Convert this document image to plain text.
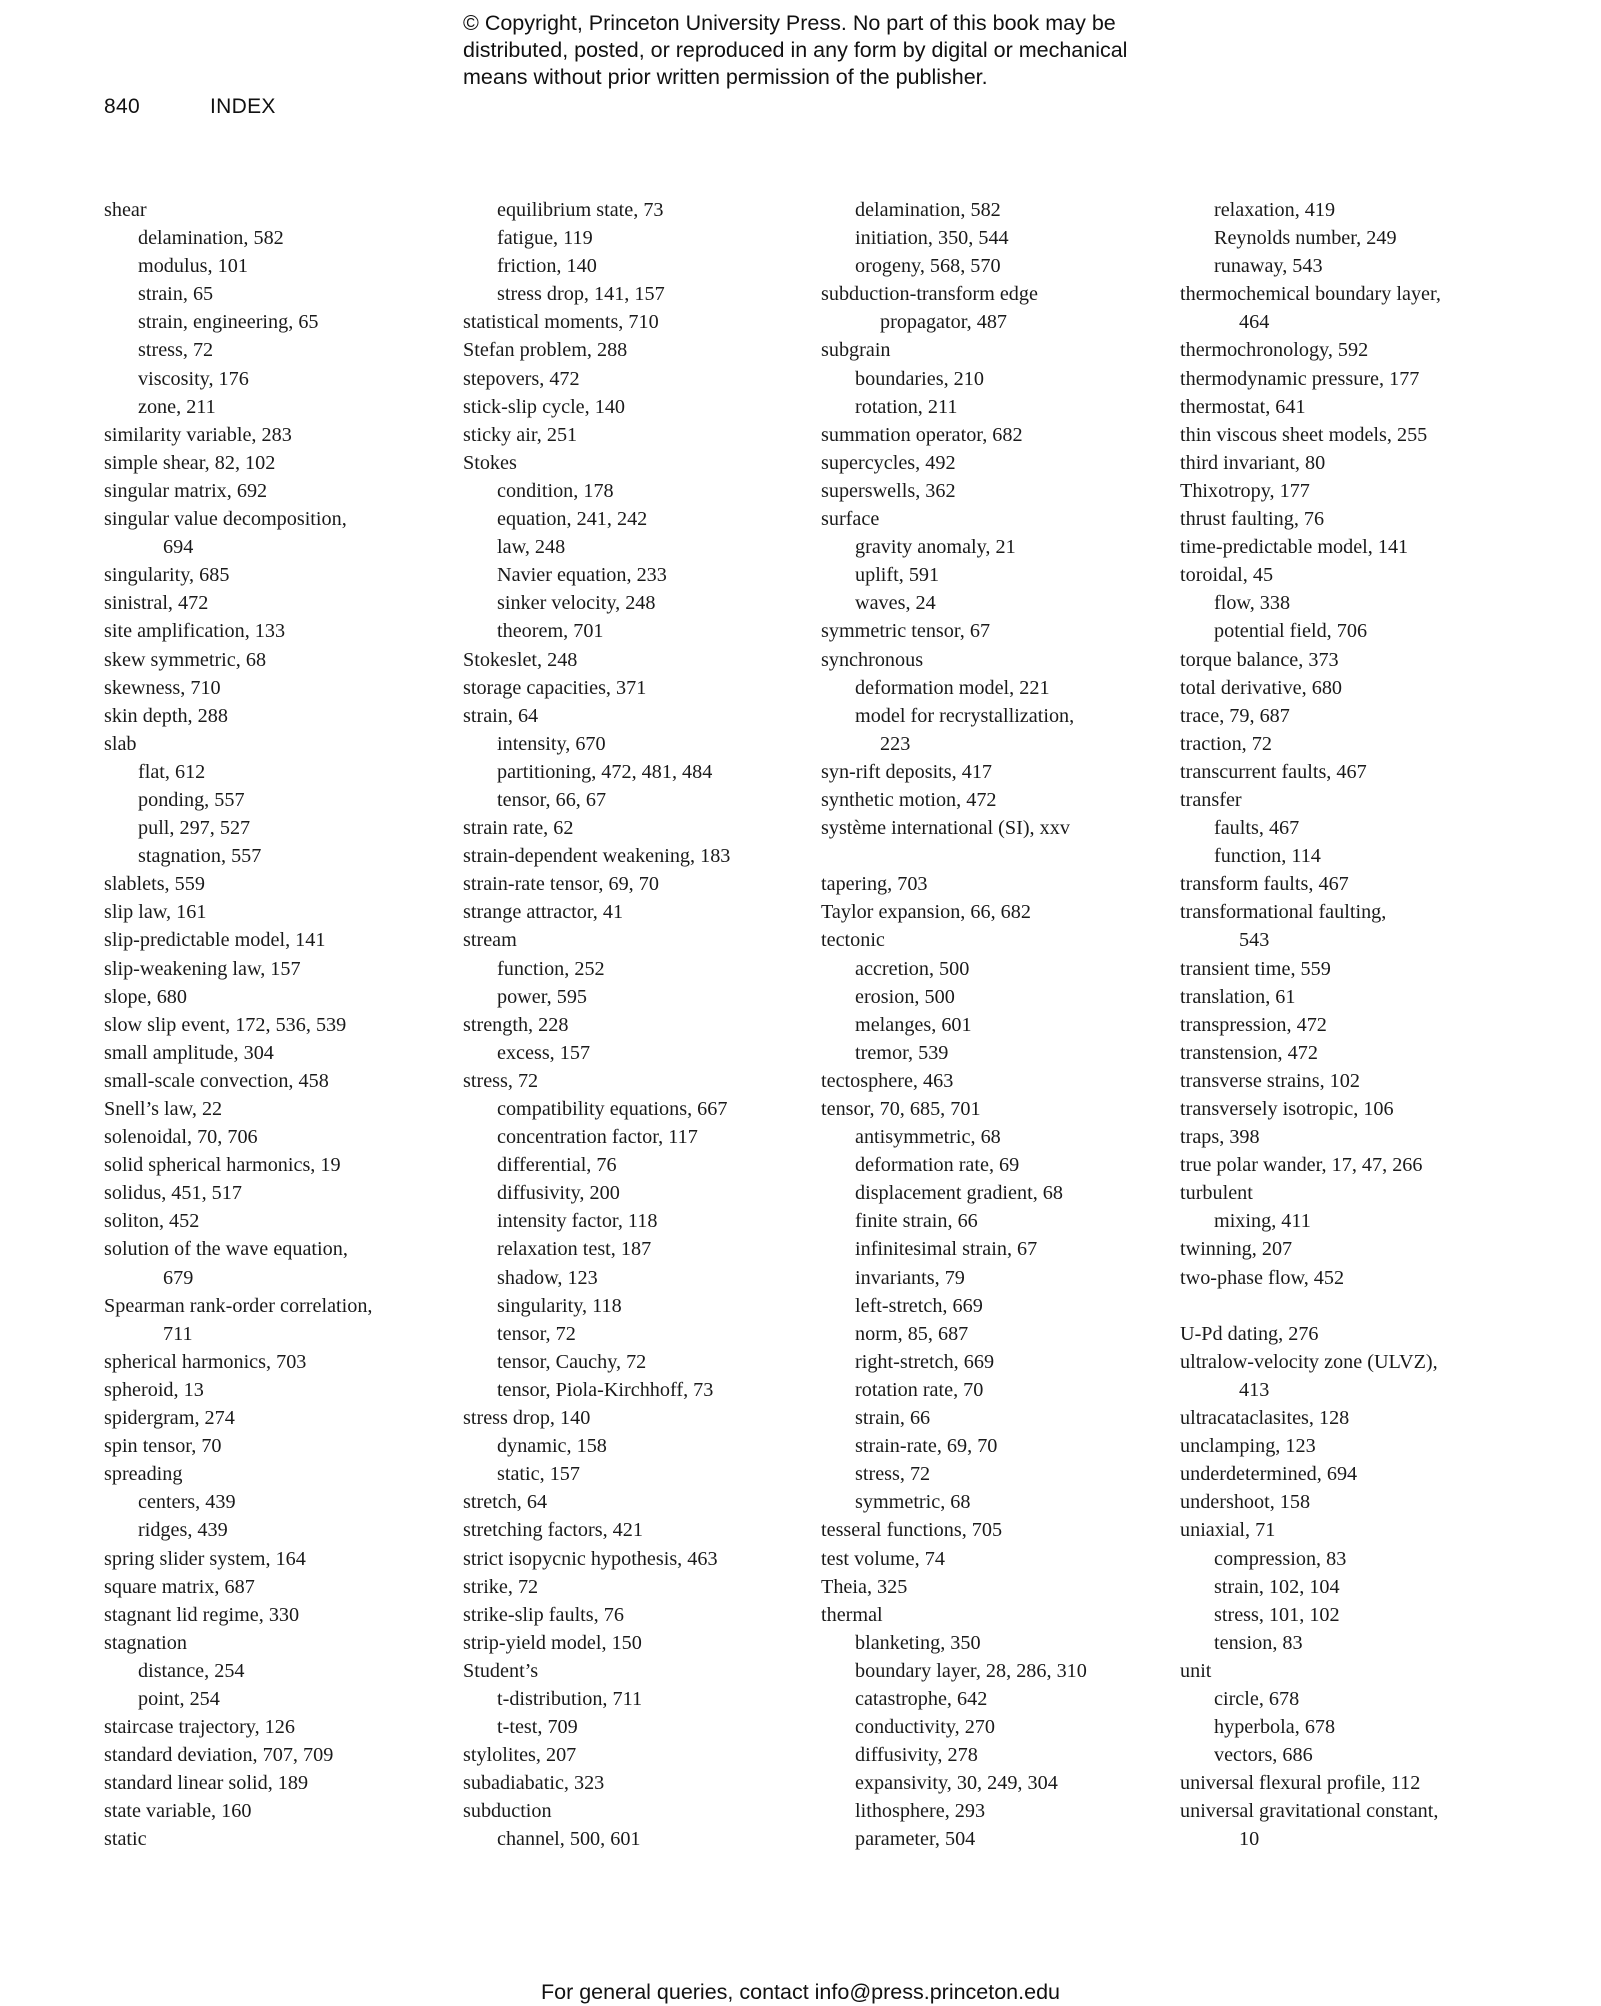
© Copyright, Princeton University Press. No part of this book may be
distributed, posted, or reproduced in any form by digital or mechanical
means without prior written permission of the publisher.
840	INDEX
shear
delamination, 582
modulus, 101
strain, 65
strain, engineering, 65
stress, 72
viscosity, 176
zone, 211
similarity variable, 283
simple shear, 82, 102
singular matrix, 692
singular value decomposition,
694
singularity, 685
sinistral, 472
site amplification, 133
skew symmetric, 68
skewness, 710
skin depth, 288
slab
flat, 612
ponding, 557
pull, 297, 527
stagnation, 557
slablets, 559
slip law, 161
slip-predictable model, 141
slip-weakening law, 157
slope, 680
slow slip event, 172, 536, 539
small amplitude, 304
small-scale convection, 458
Snell’s law, 22
solenoidal, 70, 706
solid spherical harmonics, 19
solidus, 451, 517
soliton, 452
solution of the wave equation,
679
Spearman rank-order correlation,
711
spherical harmonics, 703
spheroid, 13
spidergram, 274
spin tensor, 70
spreading
centers, 439
ridges, 439
spring slider system, 164
square matrix, 687
stagnant lid regime, 330
stagnation
distance, 254
point, 254
staircase trajectory, 126
standard deviation, 707, 709
standard linear solid, 189
state variable, 160
static
equilibrium state, 73
fatigue, 119
friction, 140
stress drop, 141, 157
statistical moments, 710
Stefan problem, 288
stepovers, 472
stick-slip cycle, 140
sticky air, 251
Stokes
condition, 178
equation, 241, 242
law, 248
Navier equation, 233
sinker velocity, 248
theorem, 701
Stokeslet, 248
storage capacities, 371
strain, 64
intensity, 670
partitioning, 472, 481, 484
tensor, 66, 67
strain rate, 62
strain-dependent weakening, 183
strain-rate tensor, 69, 70
strange attractor, 41
stream
function, 252
power, 595
strength, 228
excess, 157
stress, 72
compatibility equations, 667
concentration factor, 117
differential, 76
diffusivity, 200
intensity factor, 118
relaxation test, 187
shadow, 123
singularity, 118
tensor, 72
tensor, Cauchy, 72
tensor, Piola-Kirchhoff, 73
stress drop, 140
dynamic, 158
static, 157
stretch, 64
stretching factors, 421
strict isopycnic hypothesis, 463
strike, 72
strike-slip faults, 76
strip-yield model, 150
Student’s
t-distribution, 711
t-test, 709
stylolites, 207
subadiabatic, 323
subduction
channel, 500, 601
delamination, 582
initiation, 350, 544
orogeny, 568, 570
subduction-transform edge
propagator, 487
subgrain
boundaries, 210
rotation, 211
summation operator, 682
supercycles, 492
superswells, 362
surface
gravity anomaly, 21
uplift, 591
waves, 24
symmetric tensor, 67
synchronous
deformation model, 221
model for recrystallization,
223
syn-rift deposits, 417
synthetic motion, 472
système international (SI), xxv
tapering, 703
Taylor expansion, 66, 682
tectonic
accretion, 500
erosion, 500
melanges, 601
tremor, 539
tectosphere, 463
tensor, 70, 685, 701
antisymmetric, 68
deformation rate, 69
displacement gradient, 68
finite strain, 66
infinitesimal strain, 67
invariants, 79
left-stretch, 669
norm, 85, 687
right-stretch, 669
rotation rate, 70
strain, 66
strain-rate, 69, 70
stress, 72
symmetric, 68
tesseral functions, 705
test volume, 74
Theia, 325
thermal
blanketing, 350
boundary layer, 28, 286, 310
catastrophe, 642
conductivity, 270
diffusivity, 278
expansivity, 30, 249, 304
lithosphere, 293
parameter, 504
relaxation, 419
Reynolds number, 249
runaway, 543
thermochemical boundary layer,
464
thermochronology, 592
thermodynamic pressure, 177
thermostat, 641
thin viscous sheet models, 255
third invariant, 80
Thixotropy, 177
thrust faulting, 76
time-predictable model, 141
toroidal, 45
flow, 338
potential field, 706
torque balance, 373
total derivative, 680
trace, 79, 687
traction, 72
transcurrent faults, 467
transfer
faults, 467
function, 114
transform faults, 467
transformational faulting,
543
transient time, 559
translation, 61
transpression, 472
transtension, 472
transverse strains, 102
transversely isotropic, 106
traps, 398
true polar wander, 17, 47, 266
turbulent
mixing, 411
twinning, 207
two-phase flow, 452
U-Pd dating, 276
ultralow-velocity zone (ULVZ),
413
ultracataclasites, 128
unclamping, 123
underdetermined, 694
undershoot, 158
uniaxial, 71
compression, 83
strain, 102, 104
stress, 101, 102
tension, 83
unit
circle, 678
hyperbola, 678
vectors, 686
universal flexural profile, 112
universal gravitational constant,
10
For general queries, contact info@press.princeton.edu
